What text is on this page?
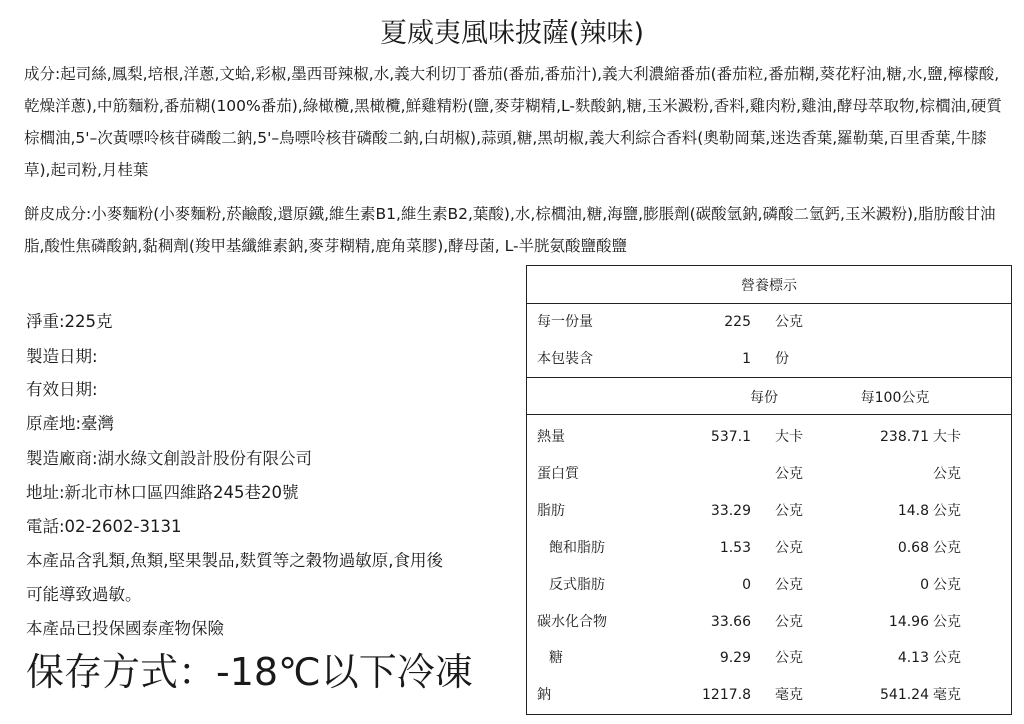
夏威夷風味披薩(辣味)

成分:起司絲,鳳梨,培根,洋蔥,文蛤,彩椒,墨西哥辣椒,水,義大利切丁番茄(番茄,番茄汁),義大利濃縮番茄(番茄粒,番茄糊,葵花籽油,糖,水,鹽,檸檬酸,乾燥洋蔥),中筋麵粉,番茄糊(100%番茄),綠橄欖,黑橄欖,鮮雞精粉(鹽,麥芽糊精,L-麩酸鈉,糖,玉米澱粉,香料,雞肉粉,雞油,酵母萃取物,棕櫚油,硬質棕櫚油,5'–次黃嘌呤核苷磷酸二鈉,5'–鳥嘌呤核苷磷酸二鈉,白胡椒),蒜頭,糖,黑胡椒,義大利綜合香料(奧勒岡葉,迷迭香葉,羅勒葉,百里香葉,牛膝草),起司粉,月桂葉

餅皮成分:小麥麵粉(小麥麵粉,菸鹼酸,還原鐵,維生素B1,維生素B2,葉酸),水,棕櫚油,糖,海鹽,膨脹劑(碳酸氫鈉,磷酸二氫鈣,玉米澱粉),脂肪酸甘油脂,酸性焦磷酸鈉,黏稠劑(羧甲基纖維素鈉,麥芽糊精,鹿角菜膠),酵母菌, L-半胱氨酸鹽酸鹽

淨重:225克
製造日期:
有效日期:
原產地:臺灣
製造廠商:湖水綠文創設計股份有限公司
地址:新北市林口區四維路245巷20號
電話:02-2602-3131
本產品含乳類,魚類,堅果製品,麩質等之穀物過敏原,食用後
可能導致過敏。
本產品已投保國泰產物保險
保存方式：-18℃以下冷凍
營養標示
每一份量	225 公克
本包裝含	1 份
每份	每100公克
熱量	537.1 大卡	238.71 大卡
蛋白質	公克	公克
脂肪	33.29 公克	14.8 公克
飽和脂肪	1.53 公克	0.68 公克
反式脂肪	0 公克	0 公克
碳水化合物	33.66 公克	14.96 公克
糖	9.29 公克	4.13 公克
鈉	1217.8 毫克	541.24 毫克
